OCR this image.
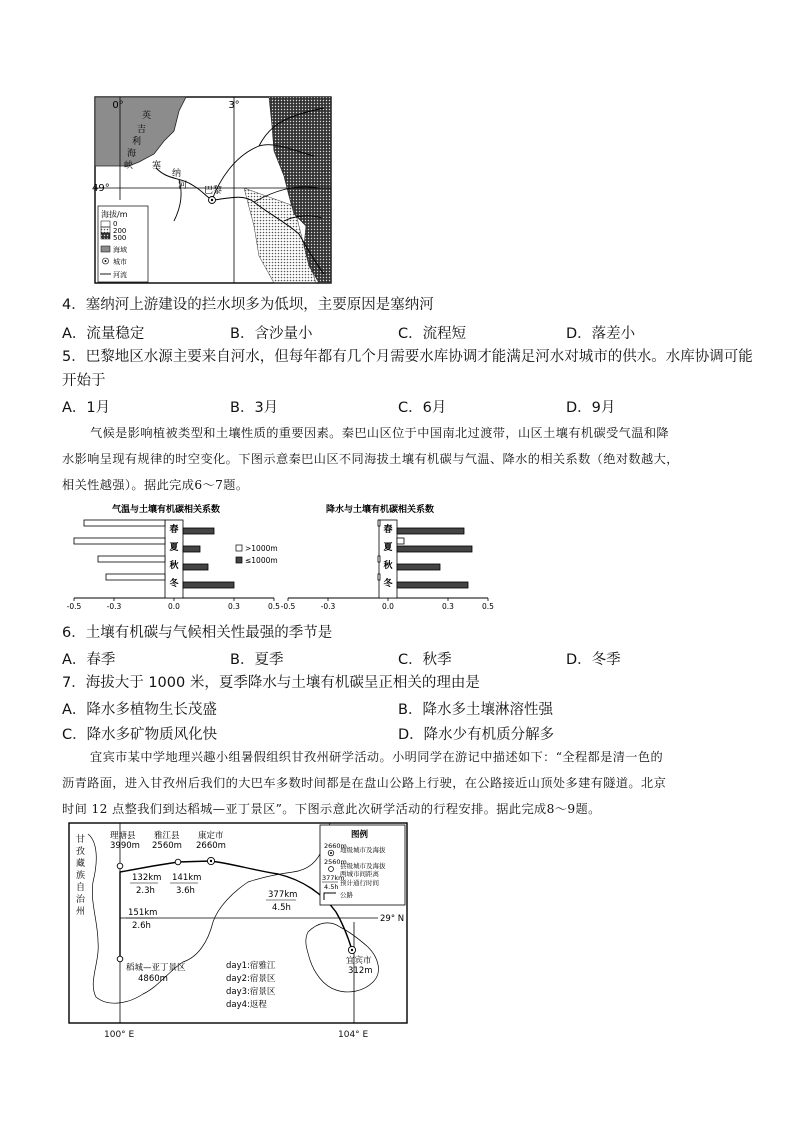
0°	3°
49°
英
吉
利
海
峡 塞
纳
河 巴黎
海拔/m
0
200
500
海域
城市
河流
4．塞纳河上游建设的拦水坝多为低坝，主要原因是塞纳河
A．流量稳定	B．含沙量小	C．流程短	D．落差小
5．巴黎地区水源主要来自河水，但每年都有几个月需要水库协调才能满足河水对城市的供水。水库协调可能
开始于
A．1月	B．3月	C．6月	D．9月
气候是影响植被类型和土壤性质的重要因素。秦巴山区位于中国南北过渡带，山区土壤有机碳受气温和降
水影响呈现有规律的时空变化。下图示意秦巴山区不同海拔土壤有机碳与气温、降水的相关系数（绝对数越大，
相关性越强）。据此完成6～7题。
气温与土壤有机碳相关系数
-0.5	-0.3	0.0	0.3	0.5
春
夏
秋
冬
>1000m
≤1000m
降水与土壤有机碳相关系数
-0.5	-0.3	0.0	0.3	0.5
春
夏
秋
冬
6．土壤有机碳与气候相关性最强的季节是
A．春季	B．夏季	C．秋季	D．冬季
7．海拔大于 1000 米，夏季降水与土壤有机碳呈正相关的理由是
A．降水多植物生长茂盛	B．降水多土壤淋溶性强
C．降水多矿物质风化快	D．降水少有机质分解多
宜宾市某中学地理兴趣小组暑假组织甘孜州研学活动。小明同学在游记中描述如下：“全程都是清一色的
沥青路面，进入甘孜州后我们的大巴车多数时间都是在盘山公路上行驶，在公路接近山顶处多建有隧道。北京
时间 12 点整我们到达稻城—亚丁景区”。下图示意此次研学活动的行程安排。据此完成8～9题。
甘
孜
藏
族
自
治
州
理塘县
3990m
雅江县
2560m
康定市
2660m
宜宾市
312m
稻城—亚丁景区
4860m
132km
2.3h
141km
3.6h	377km
4.5h
151km
2.6h
29° N
day1:宿雅江
day2:宿景区
day3:宿景区
day4:返程
图例
2660m
地级城市及海拔
2560m
县级城市及海拔
两城市间距离
377km
4.5h 预计通行时间
公路
100° E	104° E
